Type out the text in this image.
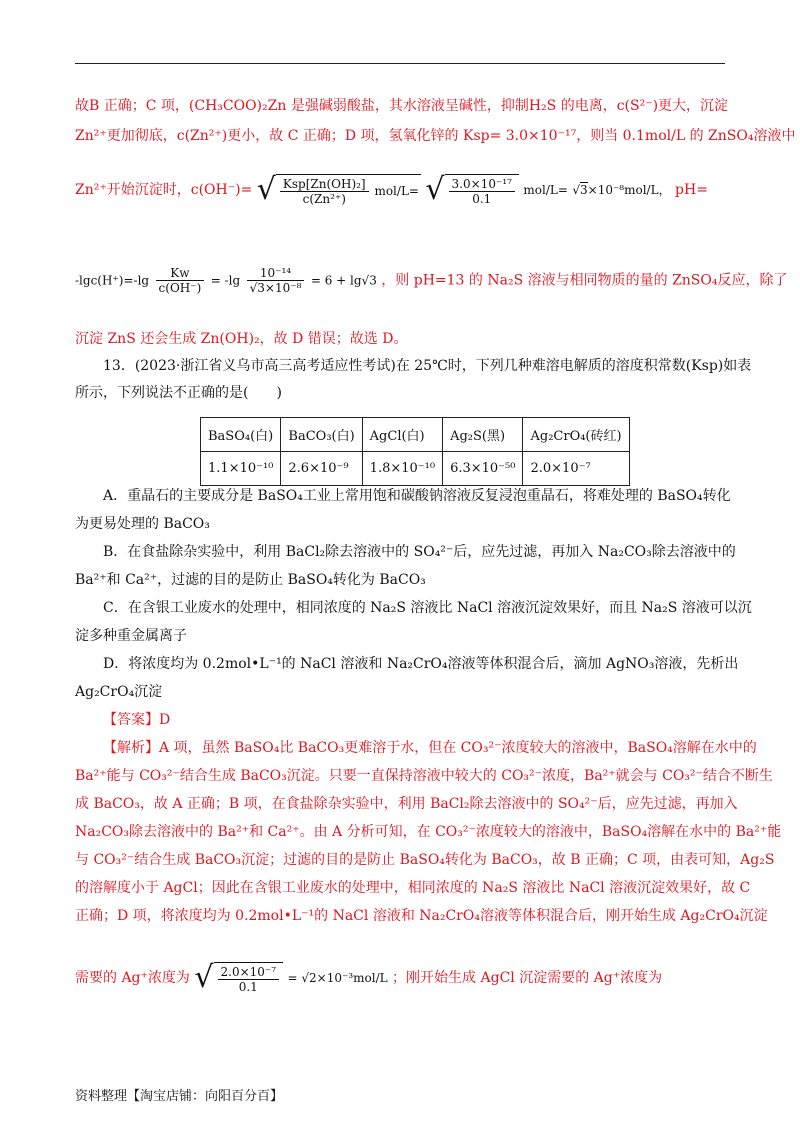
故B 正确；C 项，(CH₃COO)₂Zn 是强碱弱酸盐，其水溶液呈碱性，抑制H₂S 的电离，c(S²⁻)更大，沉淀
Zn²⁺更加彻底，c(Zn²⁺)更小，故 C 正确；D 项，氢氧化锌的 Ksp= 3.0×10⁻¹⁷，则当 0.1mol/L 的 ZnSO₄溶液中
Zn²⁺开始沉淀时，c(OH⁻)= √ $\frac{\text{Ksp[Zn(OH)₂]}}{\text{c(Zn²⁺)}} mol/L=$ √ $\frac{\text{3.0×10⁻¹⁷}}{0.1} mol/L= √3\times 10^{-8}mol/L$， pH=
$-\lg c(H^+)=-\lg \frac{Kw}{c(OH^-)} = -\lg \frac{\text{10⁻¹⁴}}{\text{√3×10⁻⁸}} = 6 + \lg√3$ ，则 pH=13 的 Na₂S 溶液与相同物质的量的 ZnSO₄反应，除了
沉淀 ZnS 还会生成 Zn(OH)₂，故 D 错误；故选 D。
13．(2023·浙江省义乌市高三高考适应性考试)在 25℃时，下列几种难溶电解质的溶度积常数(Ksp)如表
所示，下列说法不正确的是(　　)
BaSO₄(白)	BaCO₃(白)	AgCl(白)	Ag₂S(黑)	Ag₂CrO₄(砖红)
1.1×10⁻¹⁰	2.6×10⁻⁹	1.8×10⁻¹⁰	6.3×10⁻⁵⁰	2.0×10⁻⁷
A．重晶石的主要成分是 BaSO₄工业上常用饱和碳酸钠溶液反复浸泡重晶石，将难处理的 BaSO₄转化
为更易处理的 BaCO₃
B．在食盐除杂实验中，利用 BaCl₂除去溶液中的 SO₄²⁻后，应先过滤，再加入 Na₂CO₃除去溶液中的
Ba²⁺和 Ca²⁺，过滤的目的是防止 BaSO₄转化为 BaCO₃
C．在含银工业废水的处理中，相同浓度的 Na₂S 溶液比 NaCl 溶液沉淀效果好，而且 Na₂S 溶液可以沉
淀多种重金属离子
D．将浓度均为 0.2mol•L⁻¹的 NaCl 溶液和 Na₂CrO₄溶液等体积混合后，滴加 AgNO₃溶液，先析出
Ag₂CrO₄沉淀
【答案】D
【解析】A 项，虽然 BaSO₄比 BaCO₃更难溶于水，但在 CO₃²⁻浓度较大的溶液中，BaSO₄溶解在水中的
Ba²⁺能与 CO₃²⁻结合生成 BaCO₃沉淀。只要一直保持溶液中较大的 CO₃²⁻浓度，Ba²⁺就会与 CO₃²⁻结合不断生
成 BaCO₃，故 A 正确；B 项，在食盐除杂实验中，利用 BaCl₂除去溶液中的 SO₄²⁻后，应先过滤，再加入
Na₂CO₃除去溶液中的 Ba²⁺和 Ca²⁺。由 A 分析可知，在 CO₃²⁻浓度较大的溶液中，BaSO₄溶解在水中的 Ba²⁺能
与 CO₃²⁻结合生成 BaCO₃沉淀；过滤的目的是防止 BaSO₄转化为 BaCO₃，故 B 正确；C 项，由表可知，Ag₂S
的溶解度小于 AgCl；因此在含银工业废水的处理中，相同浓度的 Na₂S 溶液比 NaCl 溶液沉淀效果好，故 C
正确；D 项，将浓度均为 0.2mol•L⁻¹的 NaCl 溶液和 Na₂CrO₄溶液等体积混合后，刚开始生成 Ag₂CrO₄沉淀
需要的 Ag⁺浓度为 √ $\frac{\text{2.0×10⁻⁷}}{0.1} = √2\times 10^{-3}mol/L$ ；刚开始生成 AgCl 沉淀需要的 Ag⁺浓度为
资料整理【淘宝店铺：向阳百分百】
